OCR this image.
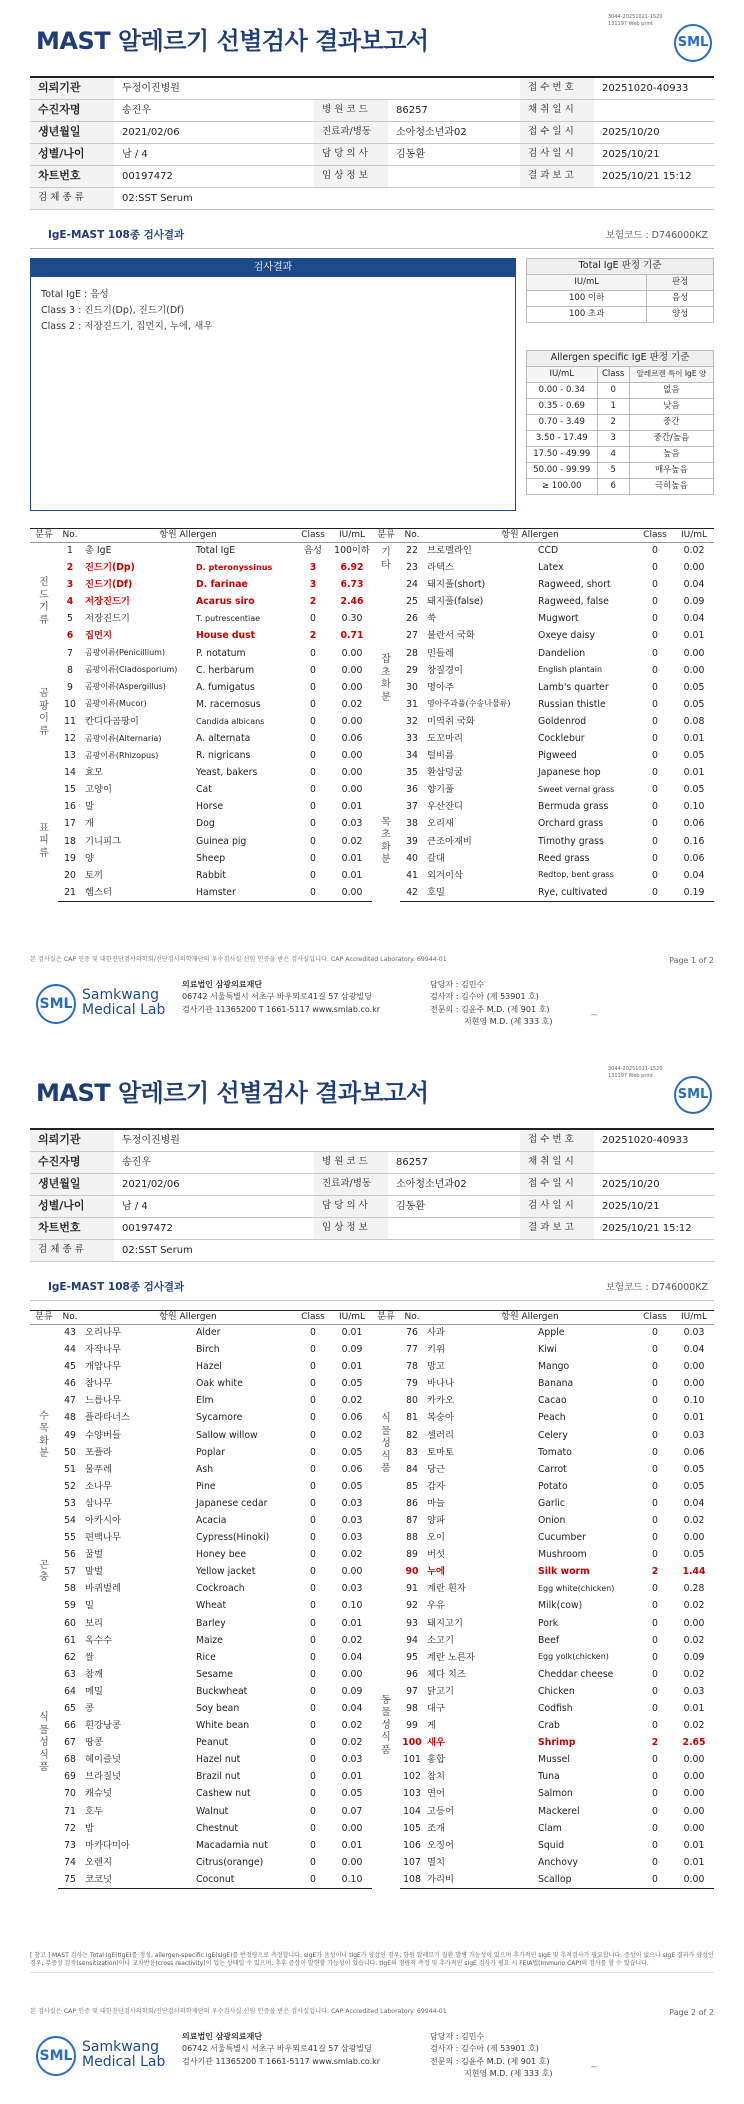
3044-20251021-1520
131197 Web print
MAST 알레르기 선별검사 결과보고서	SML
의뢰기관	두정이진병원			접 수 번 호	20251020-40933
수진자명	송진우	병 원 코 드	86257	채 취 일 시	
생년월일	2021/02/06	진료과/병동	소아청소년과02	접 수 일 시	2025/10/20
성별/나이	남 / 4	담 당 의 사	김동환	검 사 일 시	2025/10/21
차트번호	00197472	임 상 정 보		결 과 보 고	2025/10/21 15:12
검 체 종 류	02:SST Serum				
IgE-MAST 108종 검사결과	보험코드 : D746000KZ
검사결과
Total IgE : 음성
Class 3 : 진드기(Dp), 진드기(Df)
Class 2 : 저장진드기, 집먼지, 누에, 새우
Total IgE 판정 기준	
IU/mL	판정
100 이하	음성
100 초과	양성
Allergen specific IgE 판정 기준		
IU/mL	Class	알레르겐 특이 IgE 양
0.00 - 0.34	0	없음
0.35 - 0.69	1	낮음
0.70 - 3.49	2	중간
3.50 - 17.49	3	중간/높음
17.50 - 49.99	4	높음
50.00 - 99.99	5	매우높음
≥ 100.00	6	극히높음
분류	No.	항원 Allergen		Class	IU/mL
	1	총 IgE	Total IgE	음성	100이하
진드기류	2	진드기(Dp)	D. pteronyssinus	3	6.92
	3	진드기(Df)	D. farinae	3	6.73
	4	저장진드기	Acarus siro	2	2.46
	5	저장진드기	T. putrescentiae	0	0.30
	6	집먼지	House dust	2	0.71
곰팡이류	7	곰팡이류(Penicillium)	P. notatum	0	0.00
	8	곰팡이류(Cladosporium)	C. herbarum	0	0.00
	9	곰팡이류(Aspergillus)	A. fumigatus	0	0.00
	10	곰팡이류(Mucor)	M. racemosus	0	0.02
	11	칸디다곰팡이	Candida albicans	0	0.00
	12	곰팡이류(Alternaria)	A. alternata	0	0.06
	13	곰팡이류(Rhizopus)	R. nigricans	0	0.00
	14	효모	Yeast, bakers	0	0.00
표피류	15	고양이	Cat	0	0.00
	16	말	Horse	0	0.01
	17	개	Dog	0	0.03
	18	기니피그	Guinea pig	0	0.02
	19	양	Sheep	0	0.01
	20	토끼	Rabbit	0	0.01
	21	햄스터	Hamster	0	0.00
분류	No.	항원 Allergen		Class	IU/mL
기타	22	브로멜라인	CCD	0	0.02
	23	라텍스	Latex	0	0.00
잡초화분	24	돼지풀(short)	Ragweed, short	0	0.04
	25	돼지풀(false)	Ragweed, false	0	0.09
	26	쑥	Mugwort	0	0.04
	27	불란서 국화	Oxeye daisy	0	0.01
	28	민들레	Dandelion	0	0.00
	29	창질경이	English plantain	0	0.00
	30	명아주	Lamb's quarter	0	0.05
	31	명아주과풀(수송나물류)	Russian thistle	0	0.05
	32	미역취 국화	Goldenrod	0	0.08
	33	도꼬마리	Cocklebur	0	0.01
	34	털비름	Pigweed	0	0.05
	35	환삼덩굴	Japanese hop	0	0.01
목초화분	36	향기풀	Sweet vernal grass	0	0.05
	37	우산잔디	Bermuda grass	0	0.10
	38	오리새	Orchard grass	0	0.06
	39	큰조아재비	Timothy grass	0	0.16
	40	갈대	Reed grass	0	0.06
	41	외겨이삭	Redtop, bent grass	0	0.04
	42	호밀	Rye, cultivated	0	0.19
본 검사실은 CAP 인증 및 대한진단검사의학회/진단검사의학재단의 우수검사실 신임 인증을 받은 검사실입니다. CAP Accredited Laboratory. 69944-01	Page 1 of 2
SML
Samkwang
Medical Lab
의료법인 삼광의료재단
06742 서울특별시 서초구 바우뫼로41길 57 삼광빌딩
검사기관 11365200 T 1661-5117 www.smlab.co.kr
담당자 : 김민수
검사자 : 김수아 (제 53901 호)
전문의 : 김윤주 M.D. (제 901 호)
지현영 M.D. (제 333 호)
~
3044-20251021-1520
131197 Web print
MAST 알레르기 선별검사 결과보고서	SML
의뢰기관	두정이진병원			접 수 번 호	20251020-40933
수진자명	송진우	병 원 코 드	86257	채 취 일 시	
생년월일	2021/02/06	진료과/병동	소아청소년과02	접 수 일 시	2025/10/20
성별/나이	남 / 4	담 당 의 사	김동환	검 사 일 시	2025/10/21
차트번호	00197472	임 상 정 보		결 과 보 고	2025/10/21 15:12
검 체 종 류	02:SST Serum				
IgE-MAST 108종 검사결과	보험코드 : D746000KZ
분류	No.	항원 Allergen		Class	IU/mL
수목화분	43	오리나무	Alder	0	0.01
	44	자작나무	Birch	0	0.09
	45	개암나무	Hazel	0	0.01
	46	참나무	Oak white	0	0.05
	47	느릅나무	Elm	0	0.02
	48	플라타너스	Sycamore	0	0.06
	49	수양버들	Sallow willow	0	0.02
	50	포플라	Poplar	0	0.05
	51	물푸레	Ash	0	0.06
	52	소나무	Pine	0	0.05
	53	삼나무	Japanese cedar	0	0.03
	54	아카시아	Acacia	0	0.03
	55	편백나무	Cypress(Hinoki)	0	0.03
곤충	56	꿀벌	Honey bee	0	0.02
	57	말벌	Yellow jacket	0	0.00
	58	바퀴벌레	Cockroach	0	0.03
식물성식품	59	밀	Wheat	0	0.10
	60	보리	Barley	0	0.01
	61	옥수수	Maize	0	0.02
	62	쌀	Rice	0	0.04
	63	참깨	Sesame	0	0.00
	64	메밀	Buckwheat	0	0.09
	65	콩	Soy bean	0	0.04
	66	흰강낭콩	White bean	0	0.02
	67	땅콩	Peanut	0	0.02
	68	헤이즐넛	Hazel nut	0	0.03
	69	브라질넛	Brazil nut	0	0.01
	70	캐슈넛	Cashew nut	0	0.05
	71	호두	Walnut	0	0.07
	72	밤	Chestnut	0	0.00
	73	마카다미아	Macadamia nut	0	0.01
	74	오렌지	Citrus(orange)	0	0.00
	75	코코넛	Coconut	0	0.10
분류	No.	항원 Allergen		Class	IU/mL
식물성식품	76	사과	Apple	0	0.03
	77	키위	Kiwi	0	0.04
	78	망고	Mango	0	0.00
	79	바나나	Banana	0	0.00
	80	카카오	Cacao	0	0.10
	81	복숭아	Peach	0	0.01
	82	셀러리	Celery	0	0.03
	83	토마토	Tomato	0	0.06
	84	당근	Carrot	0	0.05
	85	감자	Potato	0	0.05
	86	마늘	Garlic	0	0.04
	87	양파	Onion	0	0.02
	88	오이	Cucumber	0	0.00
	89	버섯	Mushroom	0	0.05
동물성식품	90	누에	Silk worm	2	1.44
	91	계란 흰자	Egg white(chicken)	0	0.28
	92	우유	Milk(cow)	0	0.02
	93	돼지고기	Pork	0	0.00
	94	소고기	Beef	0	0.02
	95	계란 노른자	Egg yolk(chicken)	0	0.09
	96	체다 치즈	Cheddar cheese	0	0.02
	97	닭고기	Chicken	0	0.03
	98	대구	Codfish	0	0.01
	99	게	Crab	0	0.02
	100	새우	Shrimp	2	2.65
	101	홍합	Mussel	0	0.00
	102	참치	Tuna	0	0.00
	103	연어	Salmon	0	0.00
	104	고등어	Mackerel	0	0.00
	105	조개	Clam	0	0.00
	106	오징어	Squid	0	0.01
	107	멸치	Anchovy	0	0.01
	108	가리비	Scallop	0	0.00
[ 참고 ] MAST 검사는 Total IgE(tIgE)를 정성, allergen-specific IgE(sIgE)를 반정량으로 측정합니다. sIgE가 음성이나 tIgE가 양성인 경우, 항원 알레르기 질환 발병 가능성이 있으며 추가적인 sIgE 및 추적검사가 필요합니다. 증상이 없으나 sIgE 결과가 양성인 경우, 무증상 감작(sensitization)이나 교차반응(cross reactivity)이 있는 상태일 수 있으며, 추후 증상이 발현할 가능성이 있습니다. tIgE의 정량적 측정 및 추가적인 sIgE 검사가 필요 시 FEIA법(Immuno CAP)의 검사를 할 수 있습니다.
본 검사실은 CAP 인증 및 대한진단검사의학회/진단검사의학재단의 우수검사실 신임 인증을 받은 검사실입니다. CAP Accredited Laboratory. 69944-01	Page 2 of 2
SML
Samkwang
Medical Lab
의료법인 삼광의료재단
06742 서울특별시 서초구 바우뫼로41길 57 삼광빌딩
검사기관 11365200 T 1661-5117 www.smlab.co.kr
담당자 : 김민수
검사자 : 김수아 (제 53901 호)
전문의 : 김윤주 M.D. (제 901 호)
지현영 M.D. (제 333 호)
~
